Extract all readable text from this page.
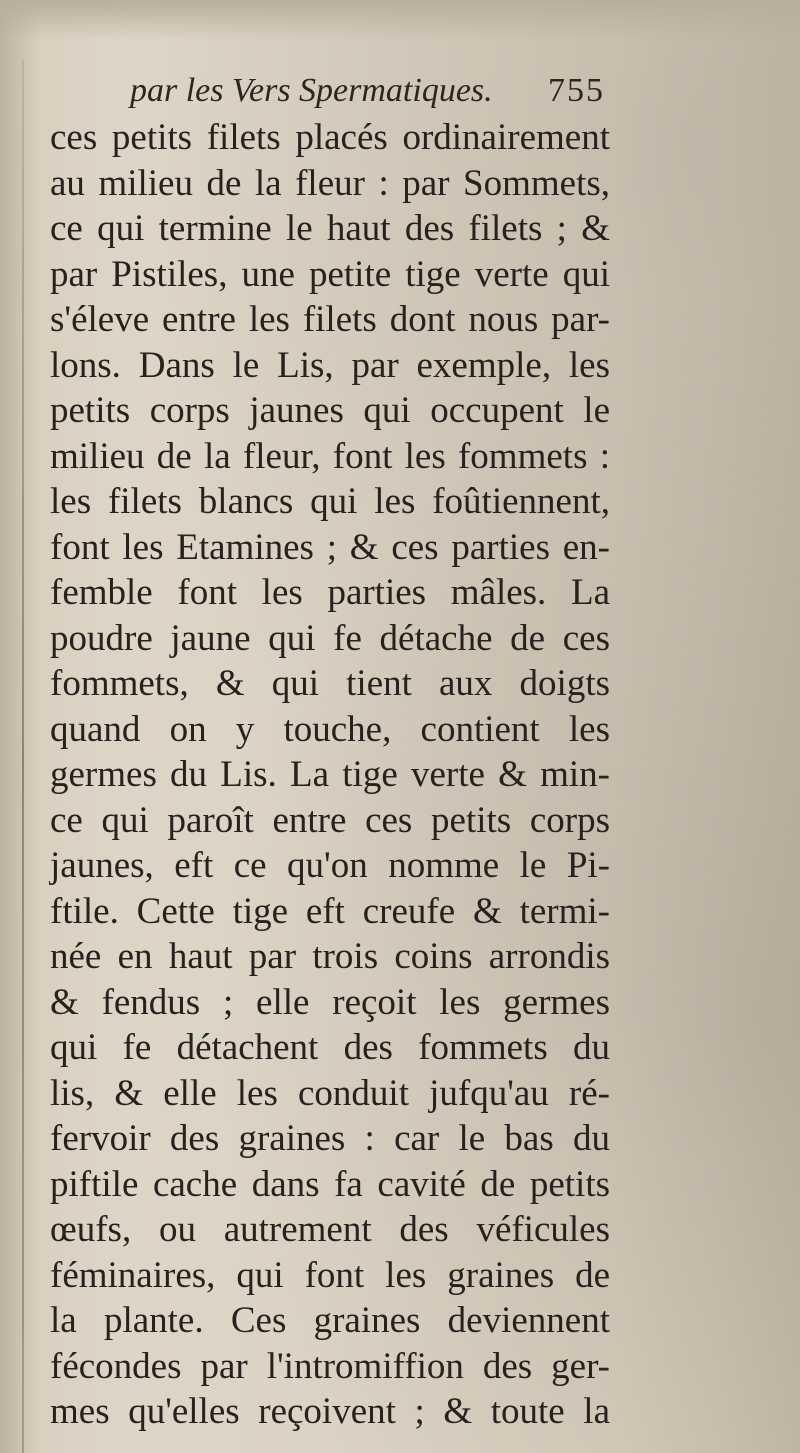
par les Vers Spermatiques. 755
ces petits filets placés ordinairement
au milieu de la fleur : par Sommets,
ce qui termine le haut des filets ; &
par Pistiles, une petite tige verte qui
s'éleve entre les filets dont nous par-
lons. Dans le Lis, par exemple, les
petits corps jaunes qui occupent le
milieu de la fleur, font les fommets :
les filets blancs qui les foûtiennent,
font les Etamines ; & ces parties en-
femble font les parties mâles. La
poudre jaune qui fe détache de ces
fommets, & qui tient aux doigts
quand on y touche, contient les
germes du Lis. La tige verte & min-
ce qui paroît entre ces petits corps
jaunes, eft ce qu'on nomme le Pi-
ftile. Cette tige eft creufe & termi-
née en haut par trois coins arrondis
& fendus ; elle reçoit les germes
qui fe détachent des fommets du
lis, & elle les conduit jufqu'au ré-
fervoir des graines : car le bas du
piftile cache dans fa cavité de petits
œufs, ou autrement des véficules
féminaires, qui font les graines de
la plante. Ces graines deviennent
fécondes par l'intromiffion des ger-
mes qu'elles reçoivent ; & toute la
